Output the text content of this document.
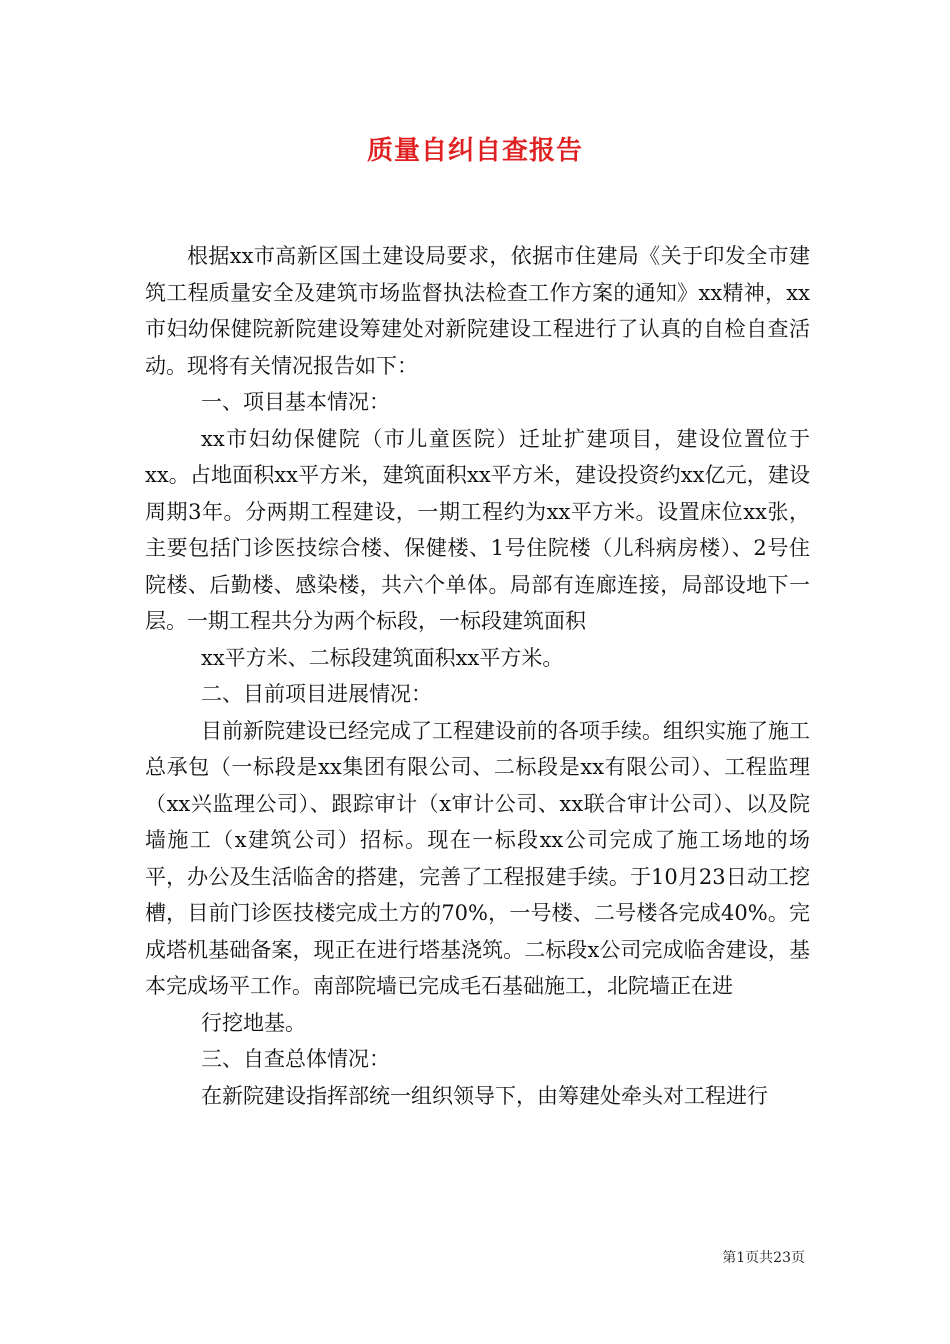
质量自纠自查报告

根据xx市高新区国土建设局要求，依据市住建局《关于印发全市建筑工程质量安全及建筑市场监督执法检查工作方案的通知》xx精神，xx市妇幼保健院新院建设筹建处对新院建设工程进行了认真的自检自查活动。现将有关情况报告如下：

一、项目基本情况：

xx市妇幼保健院（市儿童医院）迁址扩建项目，建设位置位于xx。占地面积xx平方米，建筑面积xx平方米，建设投资约xx亿元，建设周期3年。分两期工程建设，一期工程约为xx平方米。设置床位xx张，主要包括门诊医技综合楼、保健楼、1号住院楼（儿科病房楼）、2号住院楼、后勤楼、感染楼，共六个单体。局部有连廊连接，局部设地下一层。一期工程共分为两个标段，一标段建筑面积

xx平方米、二标段建筑面积xx平方米。

二、目前项目进展情况：

目前新院建设已经完成了工程建设前的各项手续。组织实施了施工总承包（一标段是xx集团有限公司、二标段是xx有限公司）、工程监理（xx兴监理公司）、跟踪审计（x审计公司、xx联合审计公司）、以及院墙施工（x建筑公司）招标。现在一标段xx公司完成了施工场地的场平，办公及生活临舍的搭建，完善了工程报建手续。于10月23日动工挖槽，目前门诊医技楼完成土方的70%，一号楼、二号楼各完成40%。完成塔机基础备案，现正在进行塔基浇筑。二标段x公司完成临舍建设，基本完成场平工作。南部院墙已完成毛石基础施工，北院墙正在进

行挖地基。

三、自查总体情况：

在新院建设指挥部统一组织领导下，由筹建处牵头对工程进行

第1页共23页
